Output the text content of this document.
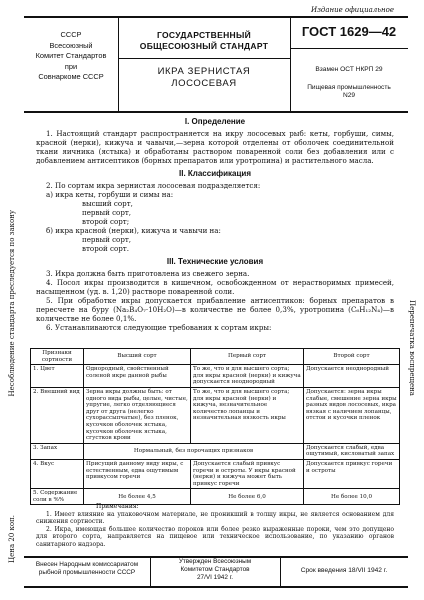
Издание официальное
Несоблюдение стандарта преследуется по закону
Цена 20 коп.
Перепечатка воспрещена
СССР
Всесоюзный
Комитет Стандартов
при
Совнаркоме СССР
ГОСУДАРСТВЕННЫЙ
ОБЩЕСОЮЗНЫЙ СТАНДАРТ
ИКРА ЗЕРНИСТАЯ
ЛОСОСЕВАЯ
ГОСТ 1629—42
Взамен ОСТ НКРП 29
Пищевая промышленность
N29
I. Определение
1. Настоящий стандарт распространяется на икру лососевых рыб: кеты, горбуши, симы, красной (нерки), кижуча и чавычи,—зерна которой отделены от оболочек соединительной ткани яичника (ястыка) и обработаны раствором поваренной соли без добавления или с добавлением антисептиков (борных препаратов или уротропина) и растительного масла.
II. Классификация
2. По сортам икра зернистая лососевая подразделяется:
а) икра кеты, горбуши и симы на:
высший сорт,
первый сорт,
второй сорт;
б) икра красной (нерки), кижуча и чавычи на:
первый сорт,
второй сорт.
III. Технические условия
3. Икра должна быть приготовлена из свежего зерна.
4. Посол икры производится в кишечном, освобожденном от нерастворимых примесей, насыщенном (уд. в. 1,20) растворе поваренной соли.
5. При обработке икры допускается прибавление антисептиков: борных препаратов в пересчете на буру (Na₂B₄O₇·10H₂O)—в количестве не более 0,3%, уротропина (C₆H₁₂N₄)—в количестве не более 0,1%.
6. Устанавливаются следующие требования к сортам икры:
Признаки сортности	Высший сорт	Первый сорт	Второй сорт
1. Цвет	Однородный, свойственный соленой икре данной рыбы	То же, что и для высшего сорта; для икры красной (нерки) и кижуча допускается неоднородный	Допускается неоднородный
2. Внешний вид	Зерна икры должны быть: от одного вида рыбы, целые, чистые, упругие, легко отделяющиеся друг от друга (нелегко сухорассыпчатые), без пленок, кусочков оболочек ястыка, кусочков оболочек ястыка, сгустков крови	То же, что и для высшего сорта; для икры красной (нерки) и кижуча, незначительное количество лопанцы и незначительная вязкость икры	Допускается: зерна икры слабые, смешение зерна икры разных видов лососевых, икра вязкая с наличием лопанцы, отстои и кусочки пленок
3. Запах	Нормальный, без порочащих признаков		Допускается слабый, едва ощутимый, кисловатый запах
4. Вкус	Присущий данному виду икры, с естественным, едва ощутимым привкусом горечи	Допускается слабый привкус горечи и остроты. У икры красной (нерки) и кижуча может быть привкус горечи	Допускается привкус горечи и остроты
5. Содержание соли в %%	Не более 4,5	Не более 6,0	Не более 10,0
Примечания:
1. Имеет влияние на упаковочном материале, не проникший в толщу икры, не является основанием для снижения сортности.
2. Икра, имеющая большее количество пороков или более резко выраженные пороки, чем это допущено для второго сорта, направляется на пищевое или техническое использование, по указанию органов санитарного надзора.
Внесен Народным комиссариатом
рыбной промышленности СССР
Утвержден Всесоюзным
Комитетом Стандартов
27/VI 1942 г.
Срок введения 18/VII 1942 г.
